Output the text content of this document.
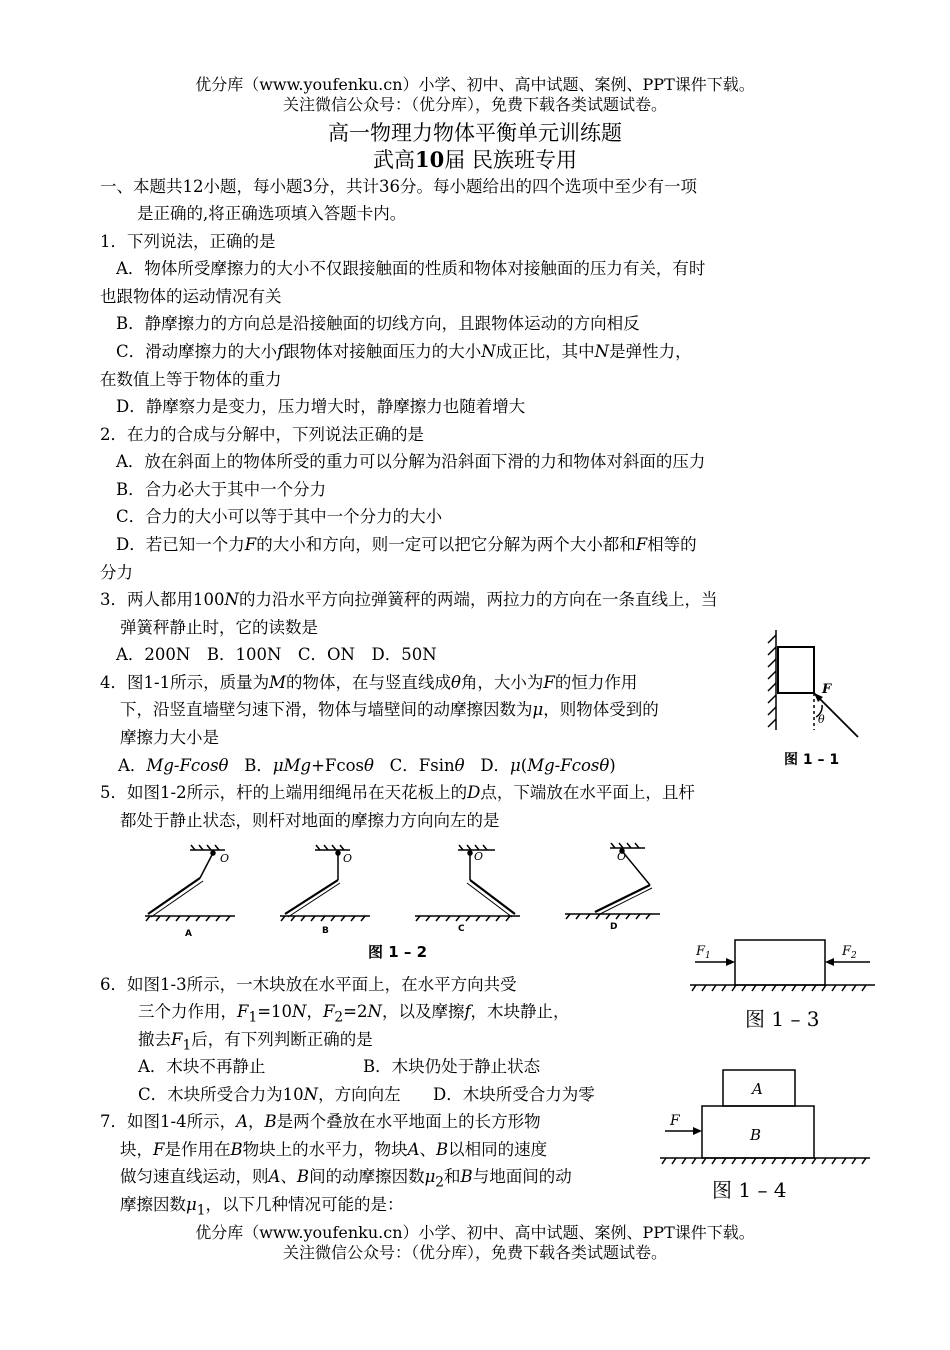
优分库（www.youfenku.cn）小学、初中、高中试题、案例、PPT课件下载。
关注微信公众号：（优分库），免费下载各类试题试卷。
高一物理力物体平衡单元训练题
武高10届 民族班专用
一、本题共12小题，每小题3分，共计36分。每小题给出的四个选项中至少有一项
是正确的,将正确选项填入答题卡内。
1．下列说法，正确的是
A．物体所受摩擦力的大小不仅跟接触面的性质和物体对接触面的压力有关，有时
也跟物体的运动情况有关
B．静摩擦力的方向总是沿接触面的切线方向，且跟物体运动的方向相反
C．滑动摩擦力的大小f跟物体对接触面压力的大小N成正比，其中N是弹性力，
在数值上等于物体的重力
D．静摩察力是变力，压力增大时，静摩擦力也随着增大
2．在力的合成与分解中，下列说法正确的是
A．放在斜面上的物体所受的重力可以分解为沿斜面下滑的力和物体对斜面的压力
B．合力必大于其中一个分力
C．合力的大小可以等于其中一个分力的大小
D．若已知一个力F的大小和方向，则一定可以把它分解为两个大小都和F相等的
分力
3．两人都用100N的力沿水平方向拉弹簧秤的两端，两拉力的方向在一条直线上，当
弹簧秤静止时，它的读数是
A．200N　B．100N　C．ON　D．50N
4．图1-1所示，质量为M的物体，在与竖直线成θ角，大小为F的恒力作用
下，沿竖直墙壁匀速下滑，物体与墙壁间的动摩擦因数为μ，则物体受到的
摩擦力大小是
A．Mg-Fcosθ B．μMg+Fcosθ C．Fsinθ D．μ(Mg-Fcosθ)
5．如图1-2所示，杆的上端用细绳吊在天花板上的D点，下端放在水平面上，且杆
都处于静止状态，则杆对地面的摩擦力方向向左的是
6．如图1-3所示，一木块放在水平面上，在水平方向共受
三个力作用，$F_1=10N$，$F_2=2N$，以及摩擦f，木块静止，
撤去$F_1$后，有下列判断正确的是
A．木块不再静止	B．木块仍处于静止状态
C．木块所受合力为10N，方向向左 D．木块所受合力为零
7．如图1-4所示，A，B是两个叠放在水平地面上的长方形物
块，F是作用在B物块上的水平力，物块A、B以相同的速度
做匀速直线运动，则A、B间的动摩擦因数$\mu_2$和B与地面间的动
摩擦因数$\mu_1$，以下几种情况可能的是：
F
θ
图 1 – 1
O	O	O	O
A	B	C	D
图 1 – 2	$F_1$	$F_2$
图 1 – 3
F
A
B
图 1 – 4
优分库（www.youfenku.cn）小学、初中、高中试题、案例、PPT课件下载。
关注微信公众号：（优分库），免费下载各类试题试卷。
